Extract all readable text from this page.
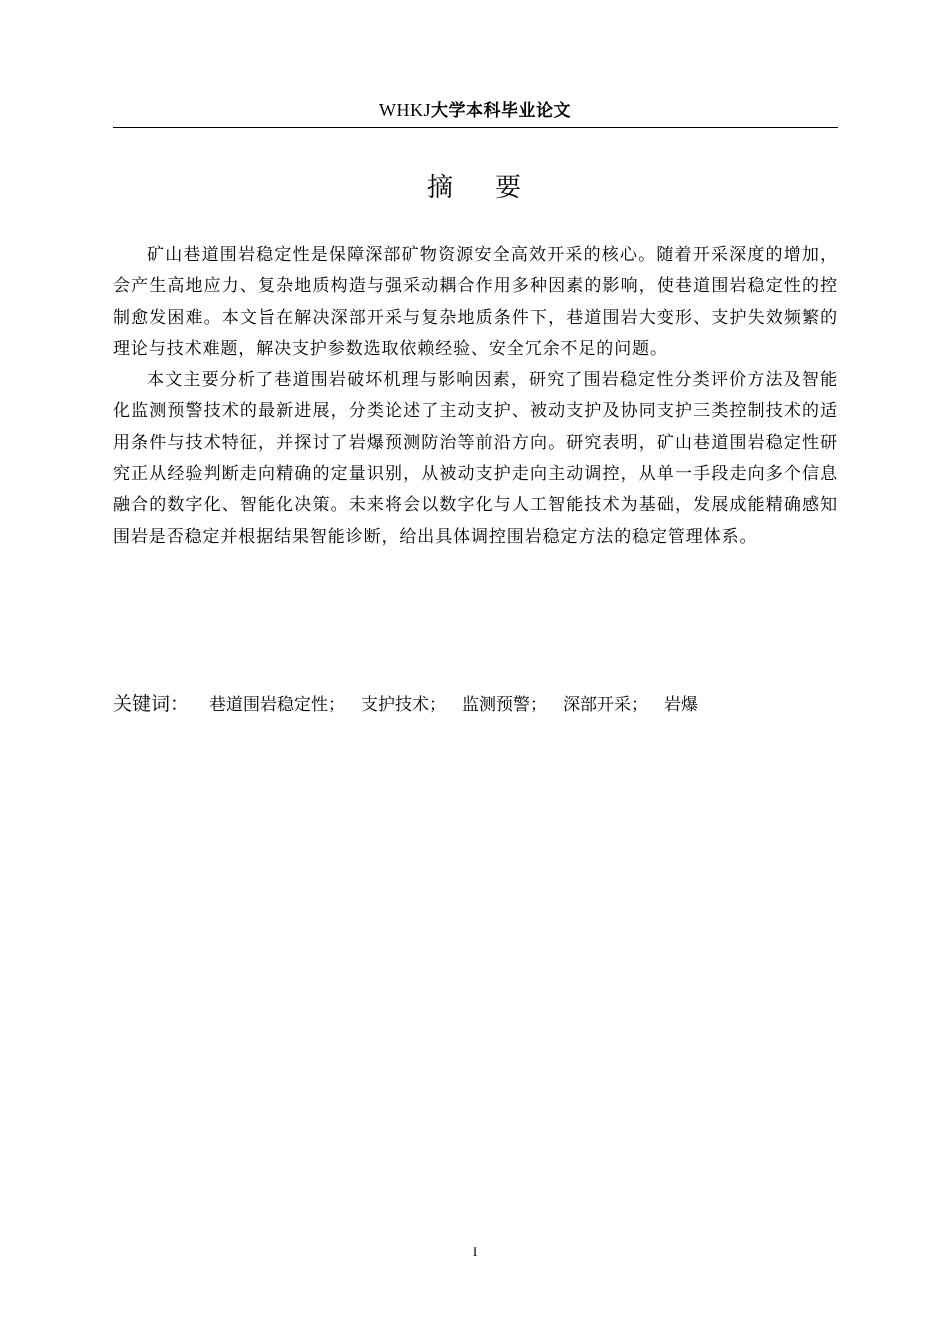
WHKJ大学本科毕业论文
摘 要

矿山巷道围岩稳定性是保障深部矿物资源安全高效开采的核心。随着开采深度的增加，会产生高地应力、复杂地质构造与强采动耦合作用多种因素的影响，使巷道围岩稳定性的控制愈发困难。本文旨在解决深部开采与复杂地质条件下，巷道围岩大变形、支护失效频繁的理论与技术难题，解决支护参数选取依赖经验、安全冗余不足的问题。

本文主要分析了巷道围岩破坏机理与影响因素，研究了围岩稳定性分类评价方法及智能化监测预警技术的最新进展，分类论述了主动支护、被动支护及协同支护三类控制技术的适用条件与技术特征，并探讨了岩爆预测防治等前沿方向。研究表明，矿山巷道围岩稳定性研究正从经验判断走向精确的定量识别，从被动支护走向主动调控，从单一手段走向多个信息融合的数字化、智能化决策。未来将会以数字化与人工智能技术为基础，发展成能精确感知围岩是否稳定并根据结果智能诊断，给出具体调控围岩稳定方法的稳定管理体系。

关键词： 巷道围岩稳定性； 支护技术； 监测预警； 深部开采； 岩爆
I
